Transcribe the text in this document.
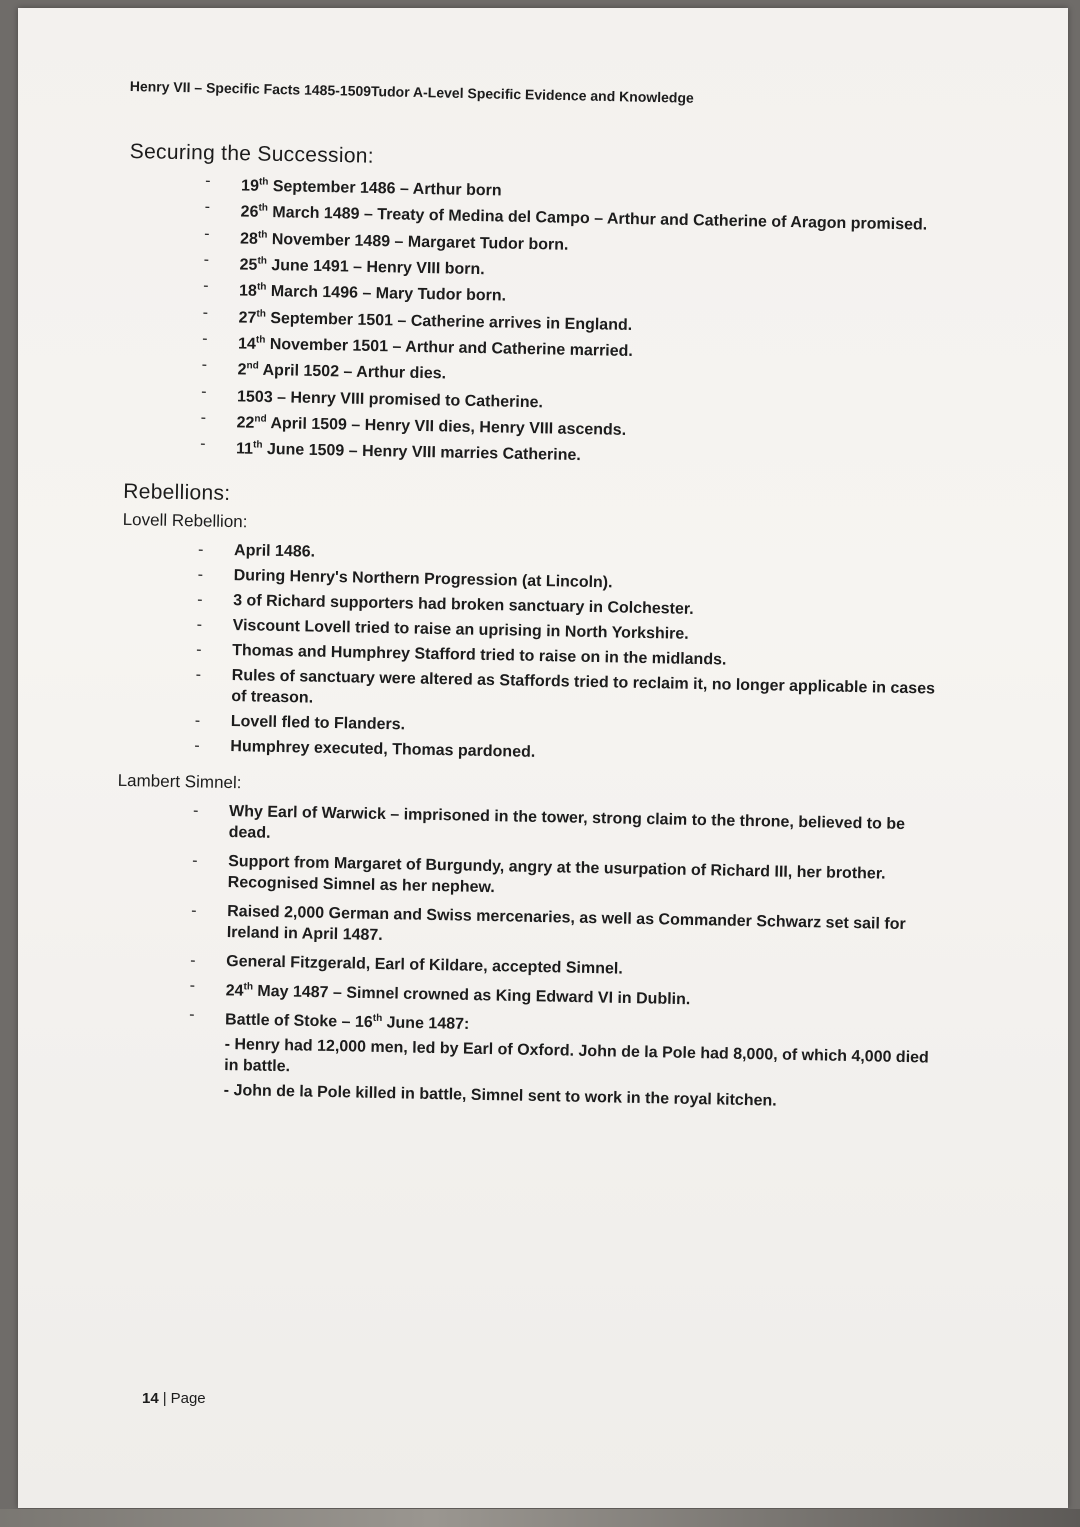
Henry VII – Specific Facts 1485-1509Tudor A-Level Specific Evidence and Knowledge
Securing the Succession:
- 19th September 1486 – Arthur born
- 26th March 1489 – Treaty of Medina del Campo – Arthur and Catherine of Aragon promised.
- 28th November 1489 – Margaret Tudor born.
- 25th June 1491 – Henry VIII born.
- 18th March 1496 – Mary Tudor born.
- 27th September 1501 – Catherine arrives in England.
- 14th November 1501 – Arthur and Catherine married.
- 2nd April 1502 – Arthur dies.
- 1503 – Henry VIII promised to Catherine.
- 22nd April 1509 – Henry VII dies, Henry VIII ascends.
- 11th June 1509 – Henry VIII marries Catherine.
Rebellions:
Lovell Rebellion:
- April 1486.
- During Henry's Northern Progression (at Lincoln).
- 3 of Richard supporters had broken sanctuary in Colchester.
- Viscount Lovell tried to raise an uprising in North Yorkshire.
- Thomas and Humphrey Stafford tried to raise on in the midlands.
- Rules of sanctuary were altered as Staffords tried to reclaim it, no longer applicable in cases of treason.
- Lovell fled to Flanders.
- Humphrey executed, Thomas pardoned.
Lambert Simnel:
- Why Earl of Warwick – imprisoned in the tower, strong claim to the throne, believed to be dead.
- Support from Margaret of Burgundy, angry at the usurpation of Richard III, her brother. Recognised Simnel as her nephew.
- Raised 2,000 German and Swiss mercenaries, as well as Commander Schwarz set sail for Ireland in April 1487.
- General Fitzgerald, Earl of Kildare, accepted Simnel.
- 24th May 1487 – Simnel crowned as King Edward VI in Dublin.
- Battle of Stoke – 16th June 1487:
- Henry had 12,000 men, led by Earl of Oxford. John de la Pole had 8,000, of which 4,000 died in battle.
- John de la Pole killed in battle, Simnel sent to work in the royal kitchen.
14 | Page
